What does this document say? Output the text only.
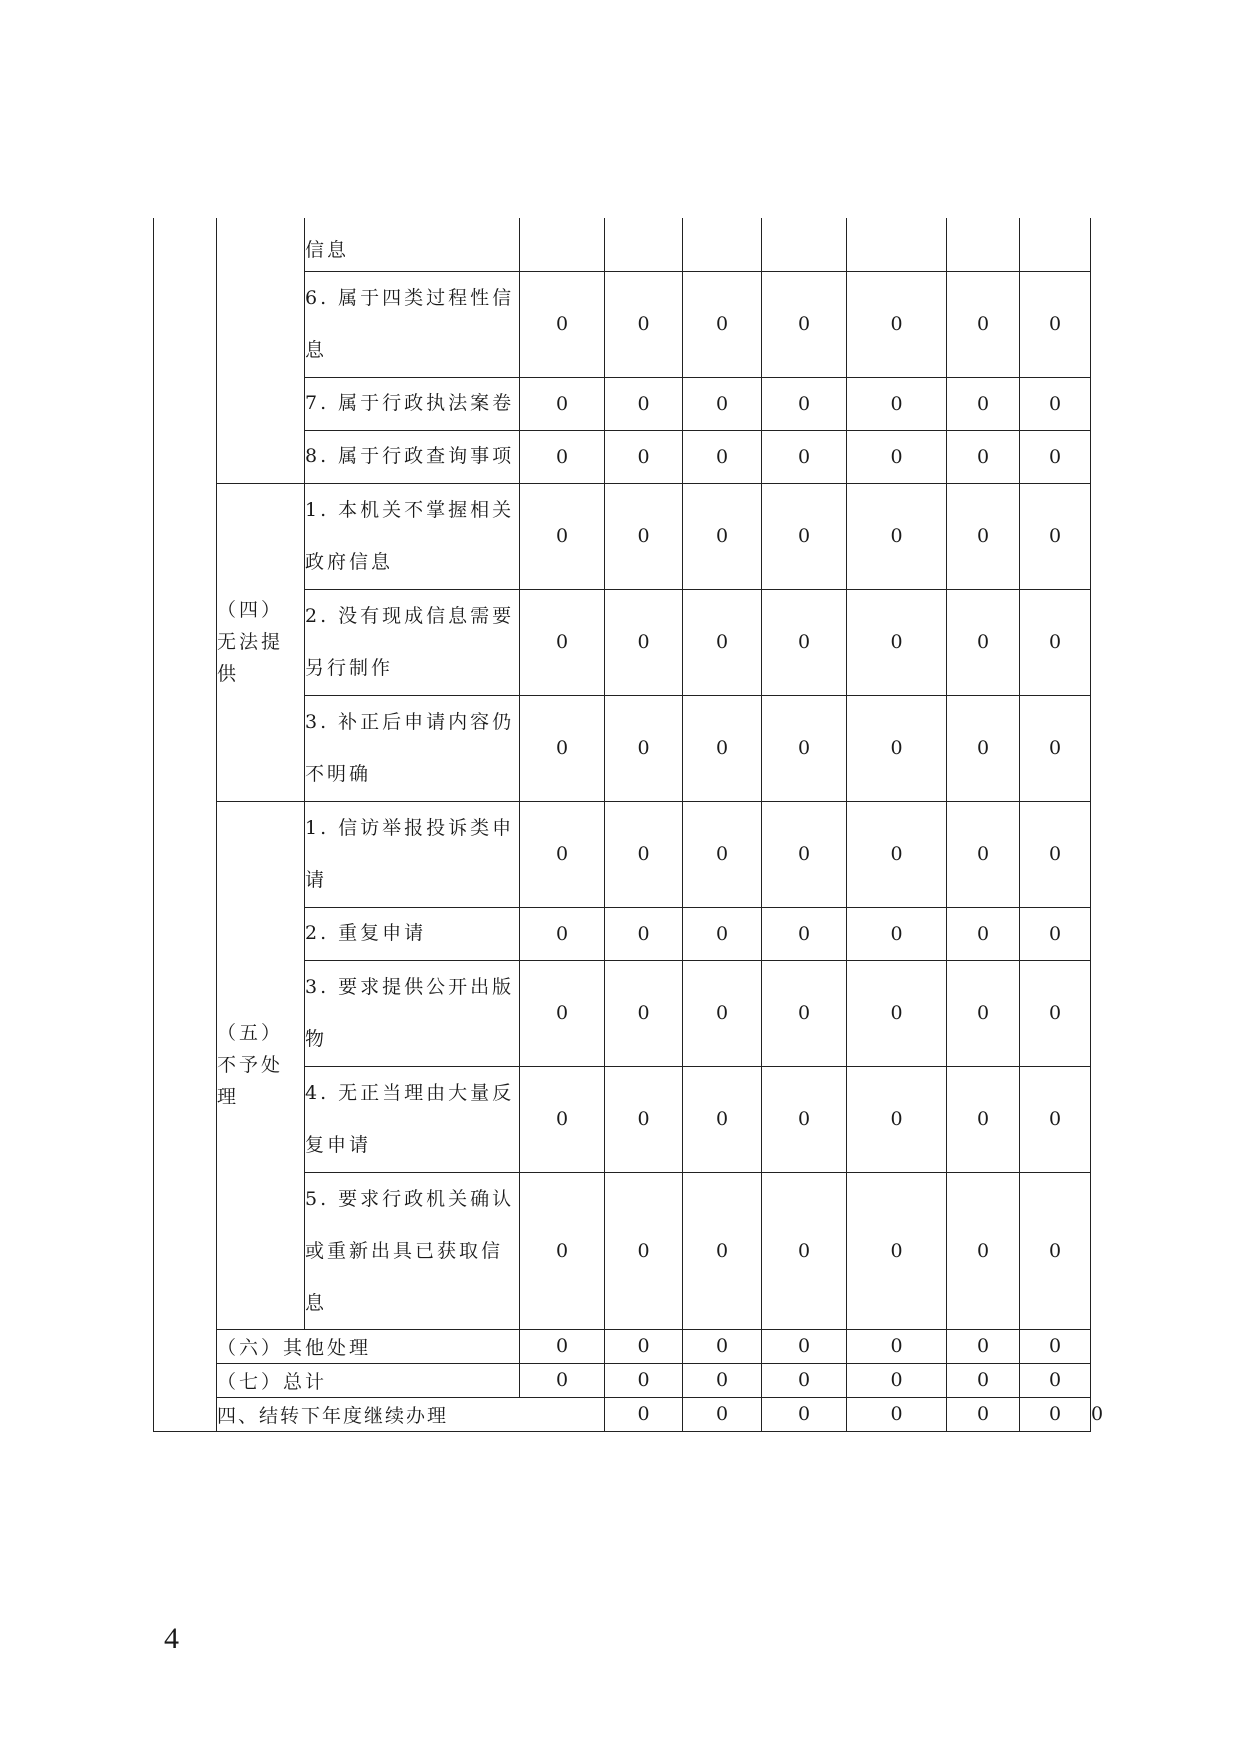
		信息								
		6. 属于四类过程性信息	0	0	0	0	0	0	0	
		7. 属于行政执法案卷	0	0	0	0	0	0	0	
		8. 属于行政查询事项	0	0	0	0	0	0	0	
	（四）无法提供	1. 本机关不掌握相关政府信息	0	0	0	0	0	0	0	
		2. 没有现成信息需要另行制作	0	0	0	0	0	0	0	
		3. 补正后申请内容仍不明确	0	0	0	0	0	0	0	
	（五）不予处理	1. 信访举报投诉类申请	0	0	0	0	0	0	0	
		2. 重复申请	0	0	0	0	0	0	0	
		3. 要求提供公开出版物	0	0	0	0	0	0	0	
		4. 无正当理由大量反复申请	0	0	0	0	0	0	0	
		5. 要求行政机关确认或重新出具已获取信息	0	0	0	0	0	0	0	
	（六）其他处理		0	0	0	0	0	0	0	
	（七）总计		0	0	0	0	0	0	0	
	四、结转下年度继续办理			0	0	0	0	0	0	0
4
